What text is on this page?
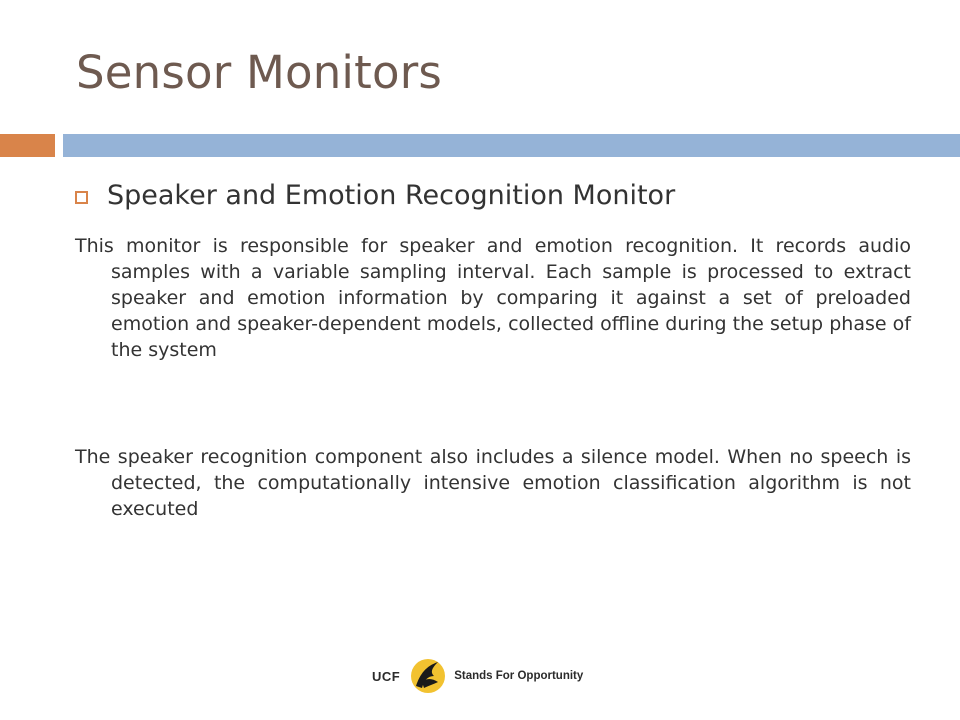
Sensor Monitors
Speaker and Emotion Recognition Monitor
This monitor is responsible for speaker and emotion recognition. It records audio samples with a variable sampling interval. Each sample is processed to extract speaker and emotion information by comparing it against a set of preloaded emotion and speaker-dependent models, collected offline during the setup phase of the system
The speaker recognition component also includes a silence model. When no speech is detected, the computationally intensive emotion classification algorithm is not executed
UCF	Stands For Opportunity
